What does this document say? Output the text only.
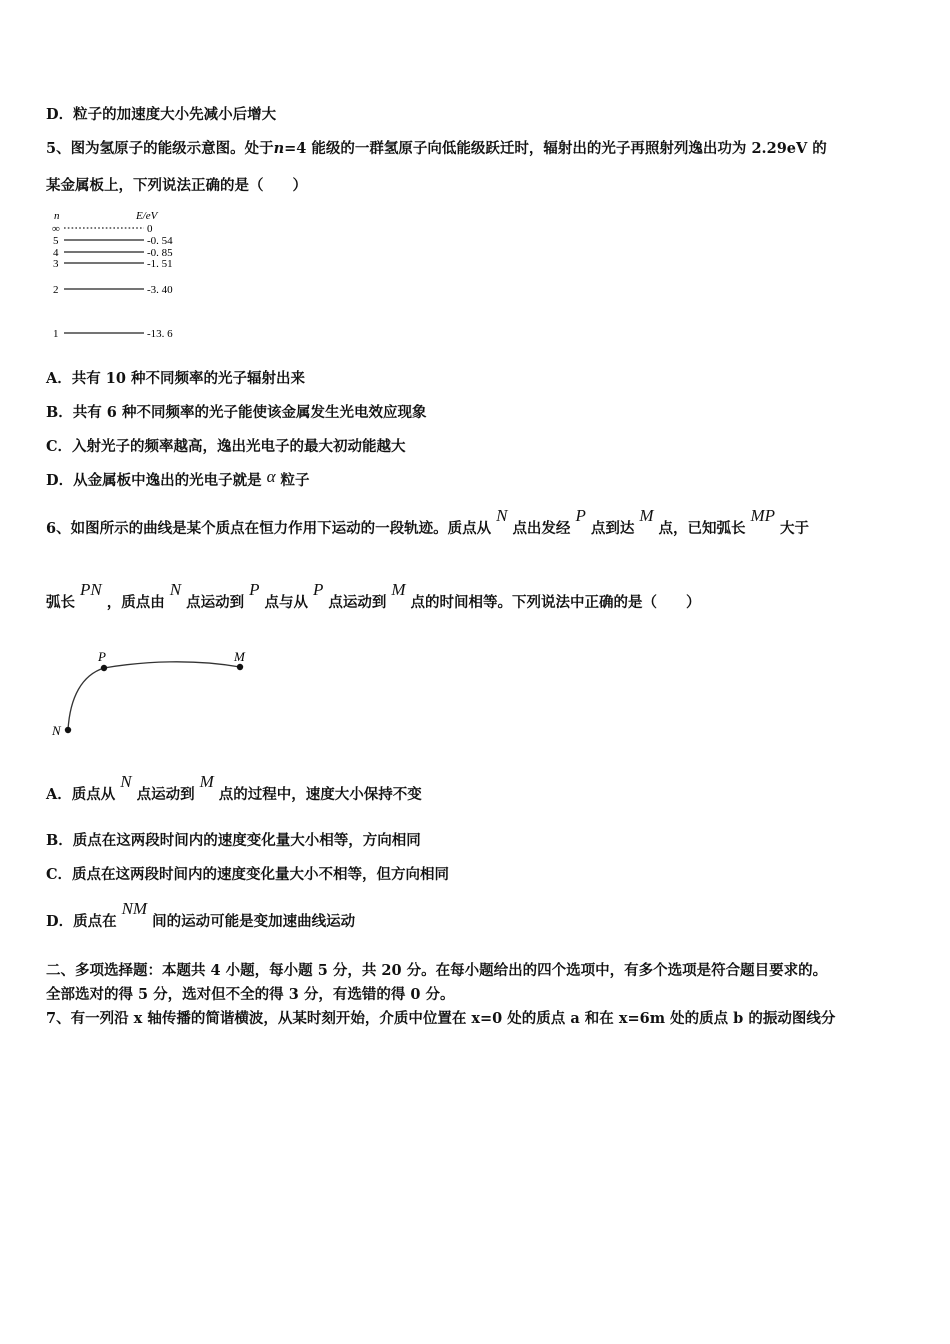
D．粒子的加速度大小先减小后增大
5、图为氢原子的能级示意图。处于n=4 能级的一群氢原子向低能级跃迁时，辐射出的光子再照射列逸出功为 2.29eV 的
某金属板上，下列说法正确的是（　　）
n	E/eV
∞	0
5	-0. 54
4	-0. 85
3	-1. 51
2	-3. 40
1	-13. 6
A．共有 10 种不同频率的光子辐射出来
B．共有 6 种不同频率的光子能使该金属发生光电效应现象
C．入射光子的频率越高，逸出光电子的最大初动能越大
D．从金属板中逸出的光电子就是 α 粒子
6、如图所示的曲线是某个质点在恒力作用下运动的一段轨迹。质点从N点出发经P点到达M点，已知弧长MP大于
弧长PN，质点由N点运动到P点与从P点运动到M点的时间相等。下列说法中正确的是（　　）
P	M
N
A．质点从N点运动到M点的过程中，速度大小保持不变
B．质点在这两段时间内的速度变化量大小相等，方向相同
C．质点在这两段时间内的速度变化量大小不相等，但方向相同
D．质点在NM间的运动可能是变加速曲线运动
二、多项选择题：本题共 4 小题，每小题 5 分，共 20 分。在每小题给出的四个选项中，有多个选项是符合题目要求的。
全部选对的得 5 分，选对但不全的得 3 分，有选错的得 0 分。
7、有一列沿 x 轴传播的简谐横波，从某时刻开始，介质中位置在 x=0 处的质点 a 和在 x=6m 处的质点 b 的振动图线分
